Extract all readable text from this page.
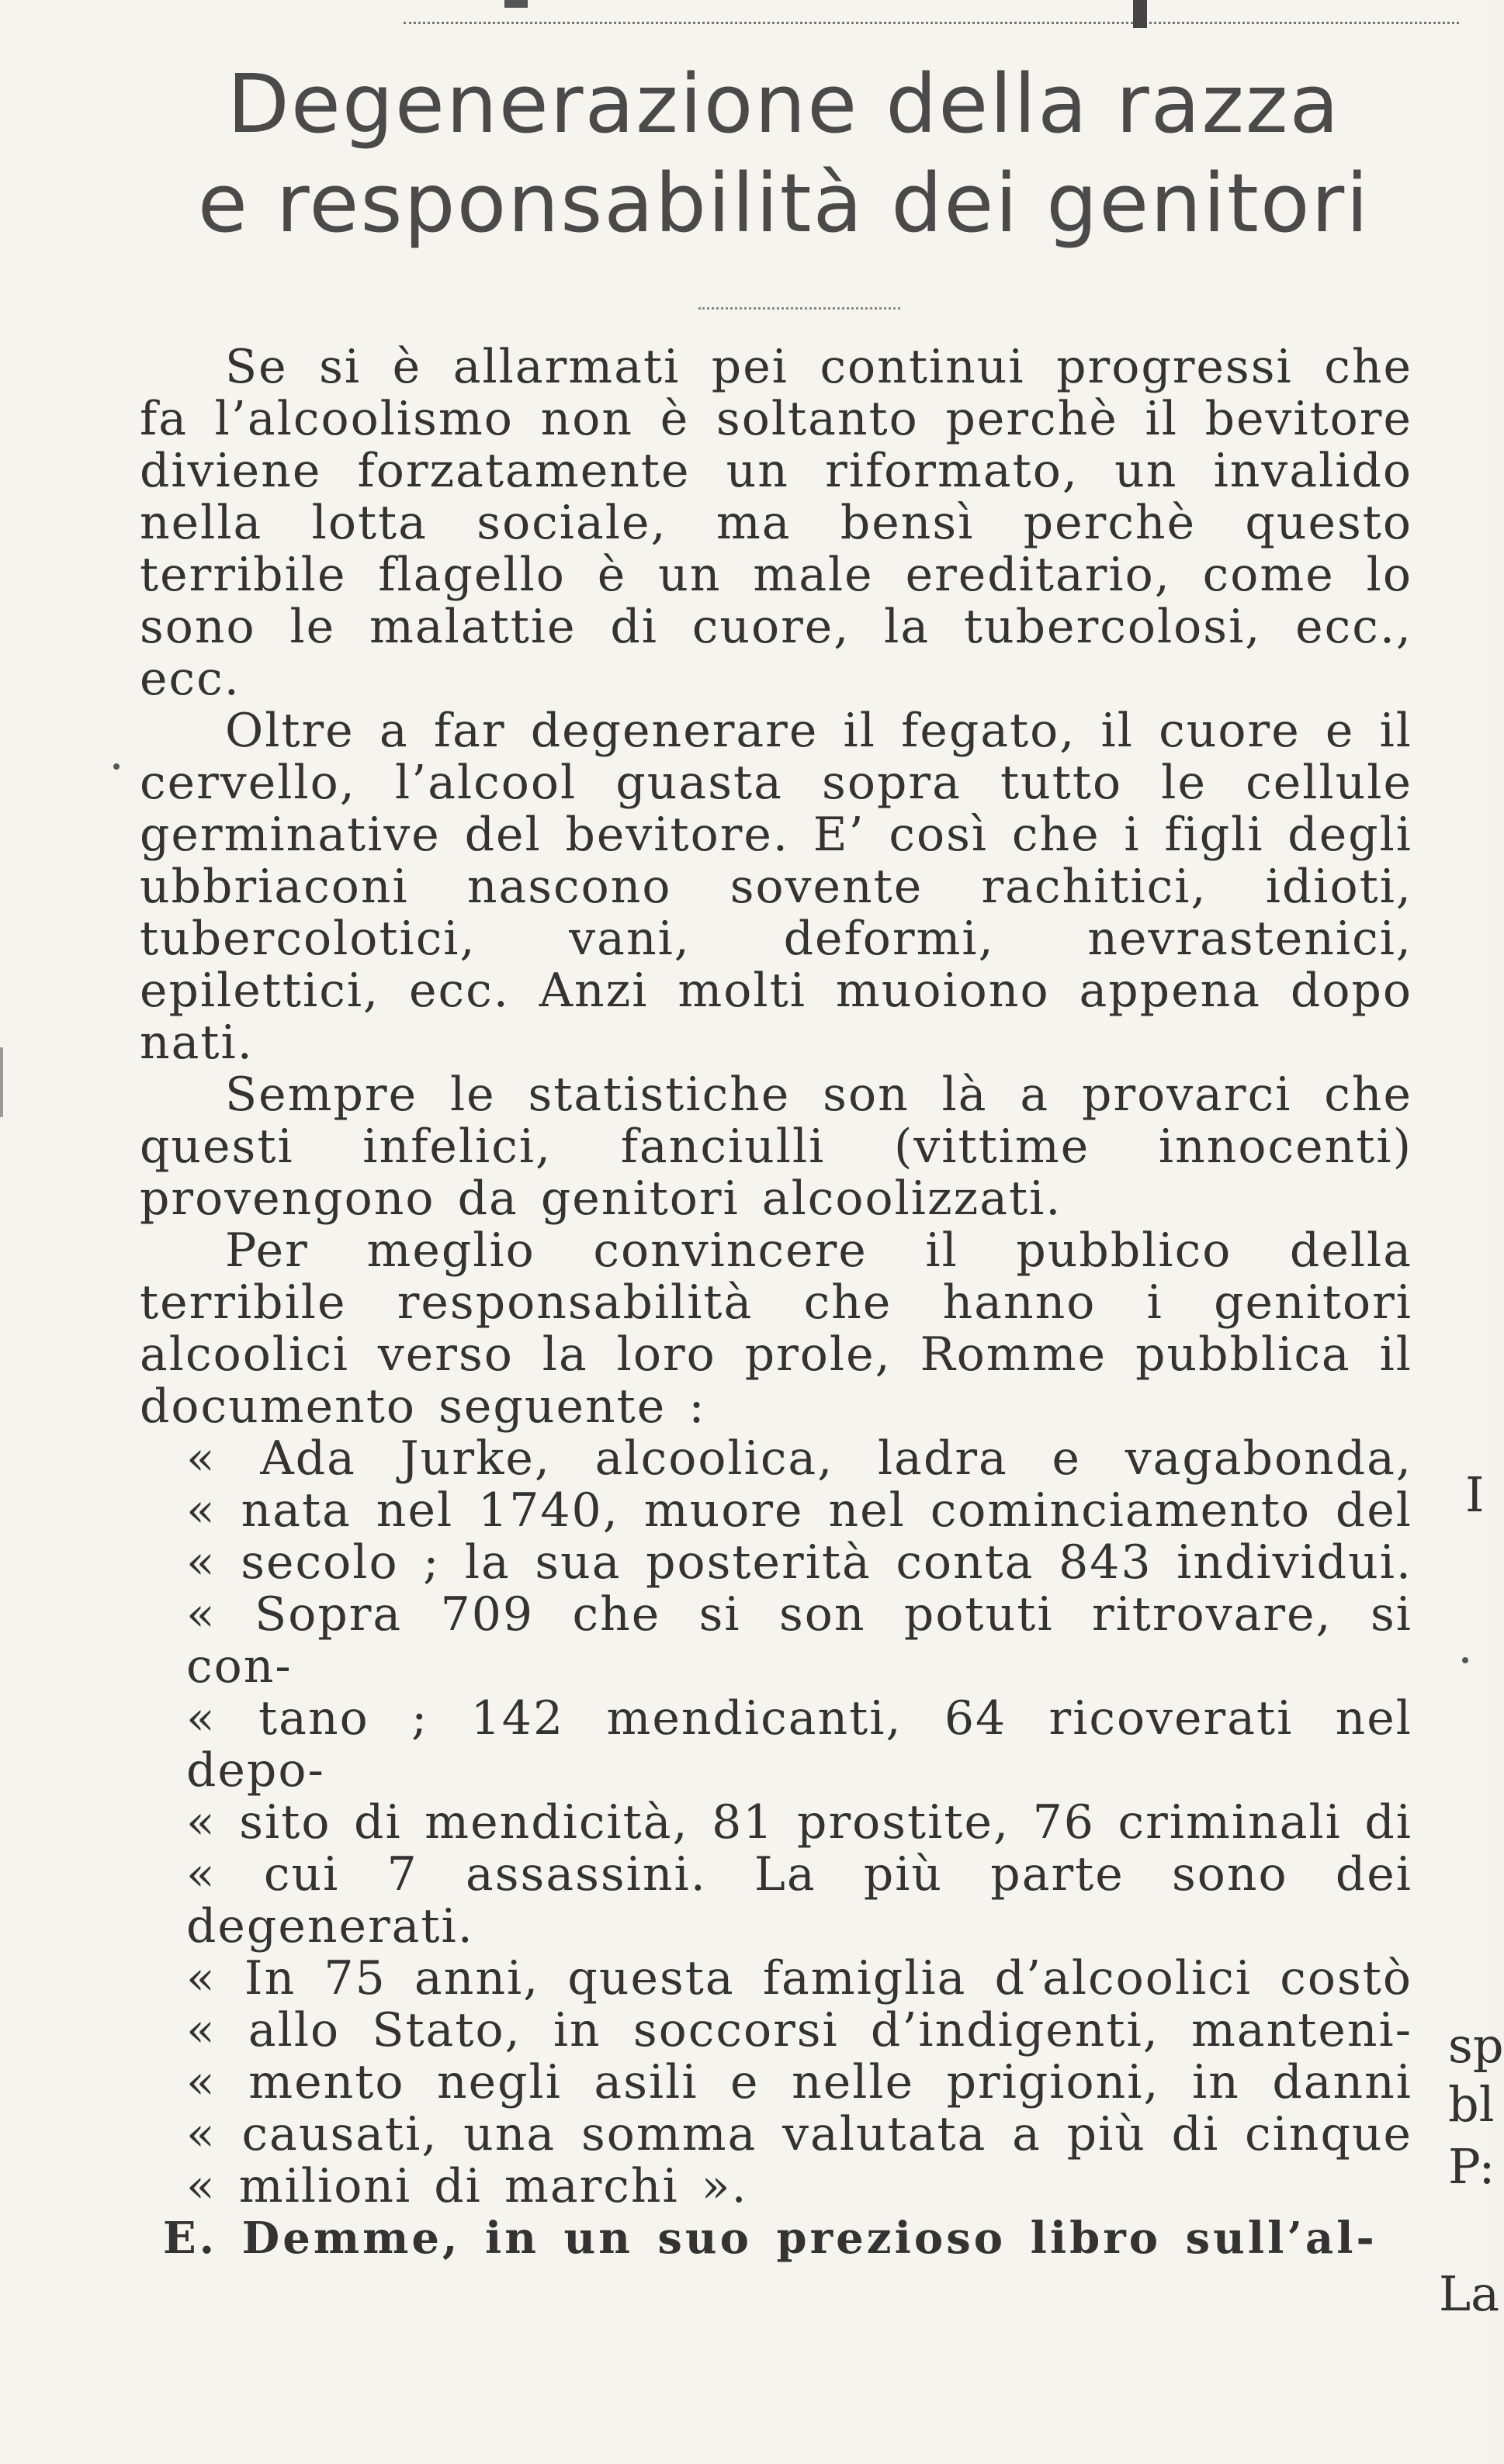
Degenerazione della razza
e responsabilità dei genitori

Se si è allarmati pei continui progressi che fa l’alcoolismo non è soltanto perchè il bevitore diviene forzatamente un riformato, un invalido nella lotta sociale, ma bensì perchè questo terribile flagello è un male ereditario, come lo sono le malattie di cuore, la tubercolosi, ecc., ecc.

Oltre a far degenerare il fegato, il cuore e il cervello, l’alcool guasta sopra tutto le cellule germinative del bevitore. E’ così che i figli degli ubbriaconi nascono sovente rachitici, idioti, tubercolotici, vani, deformi, nevrastenici, epilettici, ecc. Anzi molti muoiono appena dopo nati.

Sempre le statistiche son là a provarci che questi infelici, fanciulli (vittime innocenti) provengono da genitori alcoolizzati.

Per meglio convincere il pubblico della terribile responsabilità che hanno i genitori alcoolici verso la loro prole, Romme pubblica il documento seguente :

« Ada Jurke, alcoolica, ladra e vagabonda,
« nata nel 1740, muore nel cominciamento del
« secolo ; la sua posterità conta 843 individui.
« Sopra 709 che si son potuti ritrovare, si con-
« tano ; 142 mendicanti, 64 ricoverati nel depo-
« sito di mendicità, 81 prostite, 76 criminali di
« cui 7 assassini. La più parte sono dei degenerati.
« In 75 anni, questa famiglia d’alcoolici costò
« allo Stato, in soccorsi d’indigenti, manteni-
« mento negli asili e nelle prigioni, in danni
« causati, una somma valutata a più di cinque
« milioni di marchi ».

E. Demme, in un suo prezioso libro sull’al-

I
sp
bl
P:
La
